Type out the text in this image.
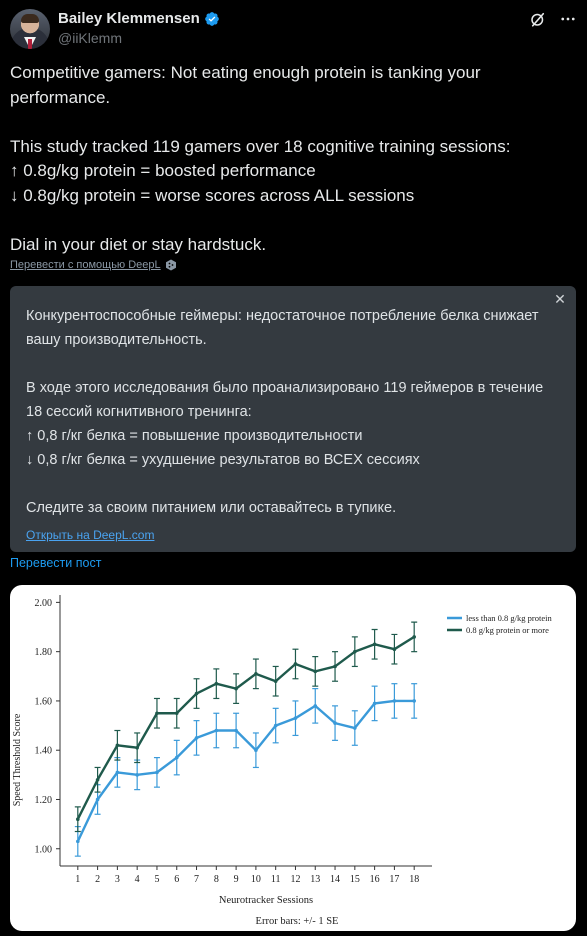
Bailey Klemmensen
@iiKlemm

Competitive gamers: Not eating enough protein is tanking your performance.

This study tracked 119 gamers over 18 cognitive training sessions:

↑ 0.8g/kg protein = boosted performance

↓ 0.8g/kg protein = worse scores across ALL sessions

Dial in your diet or stay hardstuck.

Перевести с помощью DeepL
✕

Конкурентоспособные геймеры: недостаточное потребление белка снижает вашу производительность.

В ходе этого исследования было проанализировано 119 геймеров в течение 18 сессий когнитивного тренинга:

↑ 0,8 г/кг белка = повышение производительности

↓ 0,8 г/кг белка = ухудшение результатов во ВСЕХ сессиях

Следите за своим питанием или оставайтесь в тупике.

Открыть на DeepL.com
Перевести пост
1.00
1.20
1.40
1.60
1.80
2.00
1 2 3 4 5 6 7 8 9 10 11 12 13 14 15 16 17 18
less than 0.8 g/kg protein
0.8 g/kg protein or more
Speed Threshold Score
Neurotracker Sessions
Error bars: +/- 1 SE
